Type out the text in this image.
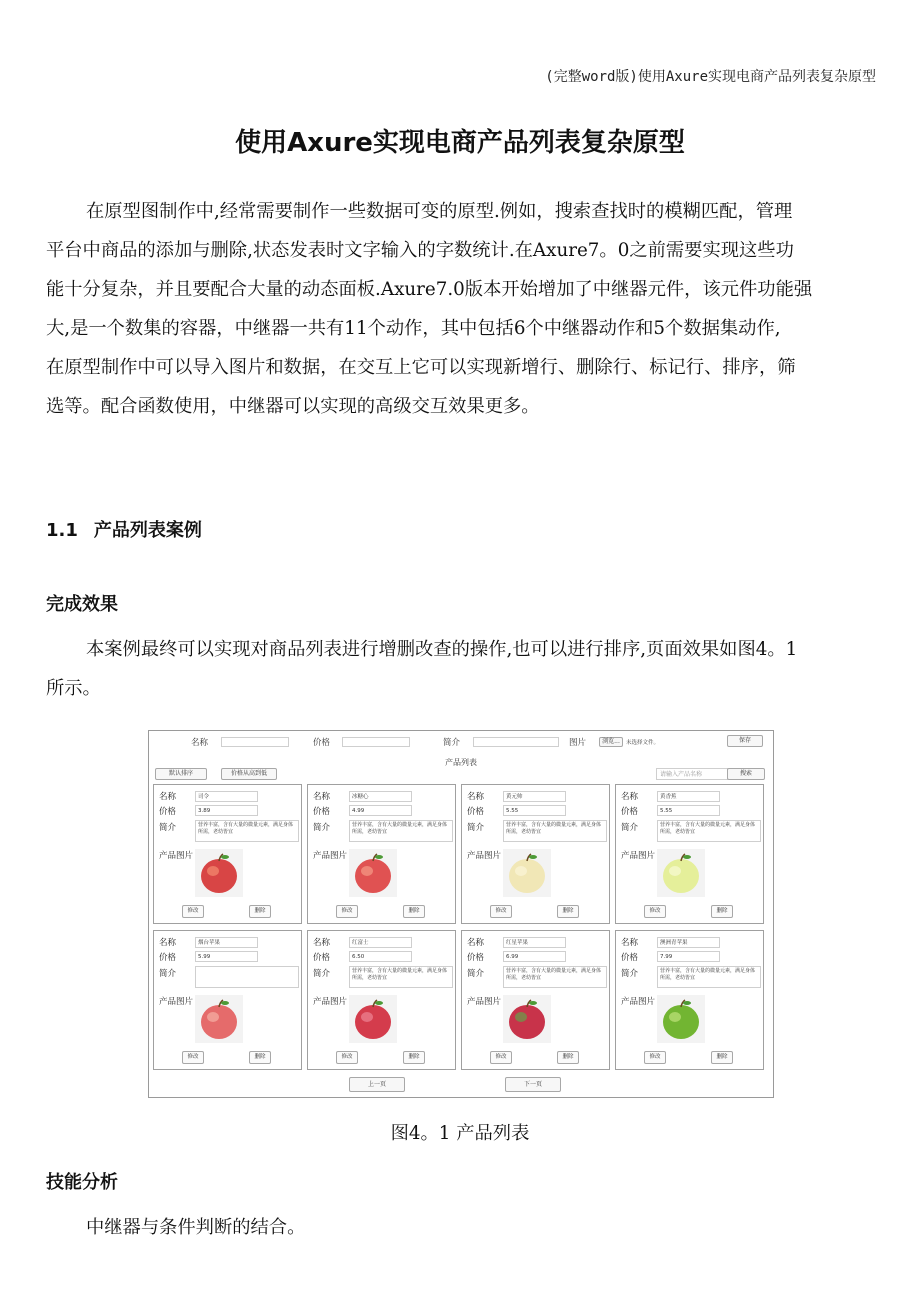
(完整word版)使用Axure实现电商产品列表复杂原型
使用Axure实现电商产品列表复杂原型

在原型图制作中,经常需要制作一些数据可变的原型.例如，搜索查找时的模糊匹配，管理

平台中商品的添加与删除,状态发表时文字输入的字数统计.在Axure7。0之前需要实现这些功

能十分复杂，并且要配合大量的动态面板.Axure7.0版本开始增加了中继器元件，该元件功能强

大,是一个数集的容器，中继器一共有11个动作，其中包括6个中继器动作和5个数据集动作,

在原型制作中可以导入图片和数据，在交互上它可以实现新增行、删除行、标记行、排序，筛

选等。配合函数使用，中继器可以实现的高级交互效果更多。

1.1 产品列表案例
完成效果

本案例最终可以实现对商品列表进行增删改查的操作,也可以进行排序,页面效果如图4。1

所示。

名称	价格	简介	图片	浏览...	未选择文件。	保存
产品列表
默认排序	价格从高到低	请输入产品名称	搜索
名称	司令
价格	3.89
简介	营养丰富，含有大量的微量元素，满足身体所需，老幼皆宜
产品图片
修改	删除
名称	冰糖心
价格	4.99
简介	营养丰富，含有大量的微量元素，满足身体所需，老幼皆宜
产品图片
修改	删除
名称	黄元帅
价格	5.55
简介	营养丰富，含有大量的微量元素，满足身体所需，老幼皆宜
产品图片
修改	删除
名称	黄香蕉
价格	5.55
简介	营养丰富，含有大量的微量元素，满足身体所需，老幼皆宜
产品图片
修改	删除
名称	烟台苹果
价格	5.99
简介
产品图片
修改	删除
名称	红富士
价格	6.50
简介	营养丰富，含有大量的微量元素，满足身体所需，老幼皆宜
产品图片
修改	删除
名称	红星苹果
价格	6.99
简介	营养丰富，含有大量的微量元素，满足身体所需，老幼皆宜
产品图片
修改	删除
名称	澳洲青苹果
价格	7.99
简介	营养丰富，含有大量的微量元素，满足身体所需，老幼皆宜
产品图片
修改	删除
上一页	下一页
图4。1 产品列表
技能分析

中继器与条件判断的结合。
